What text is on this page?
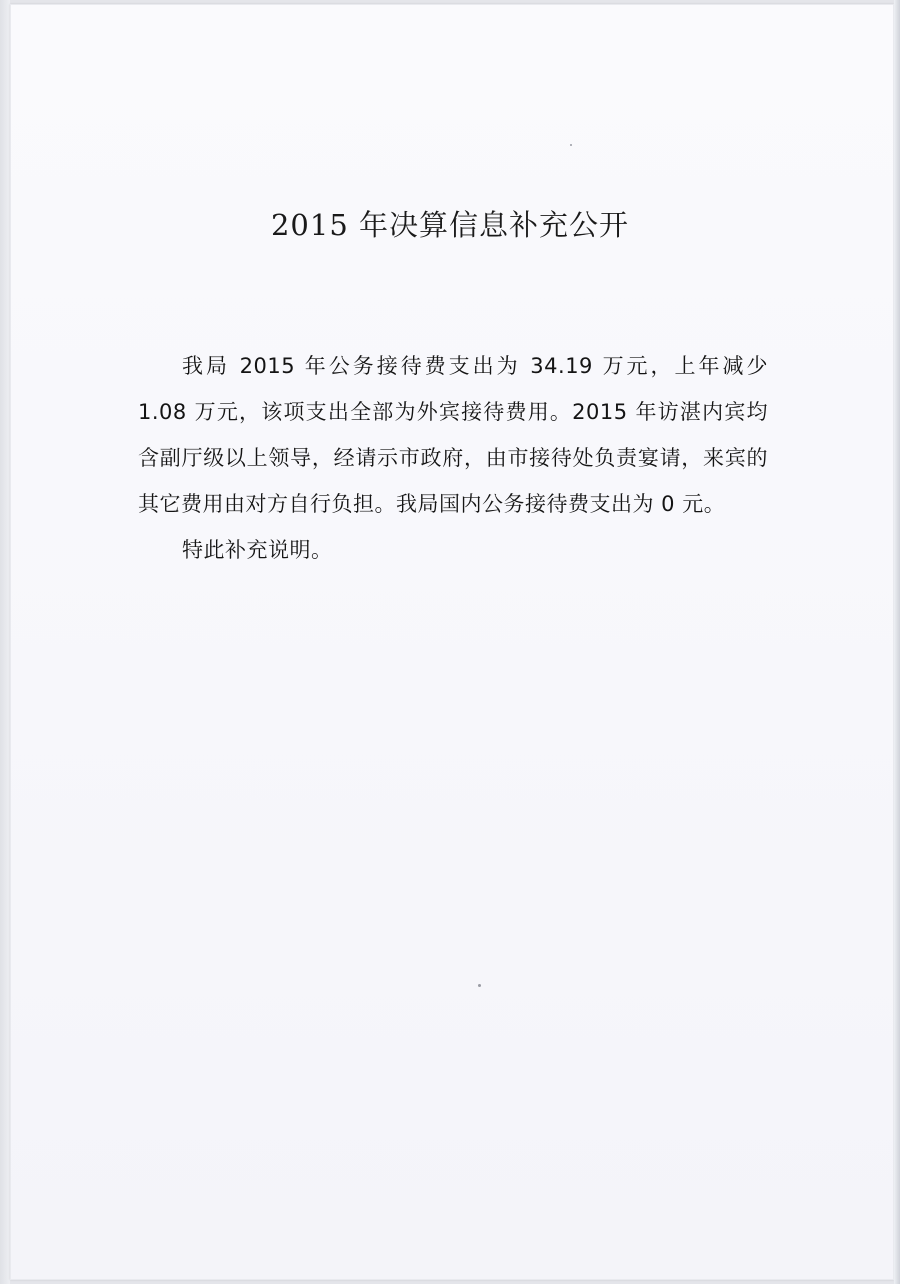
2015 年决算信息补充公开

我局 2015 年公务接待费支出为 34.19 万元，上年减少 1.08 万元，该项支出全部为外宾接待费用。2015 年访湛内宾均含副厅级以上领导，经请示市政府，由市接待处负责宴请，来宾的其它费用由对方自行负担。我局国内公务接待费支出为 0 元。

特此补充说明。
